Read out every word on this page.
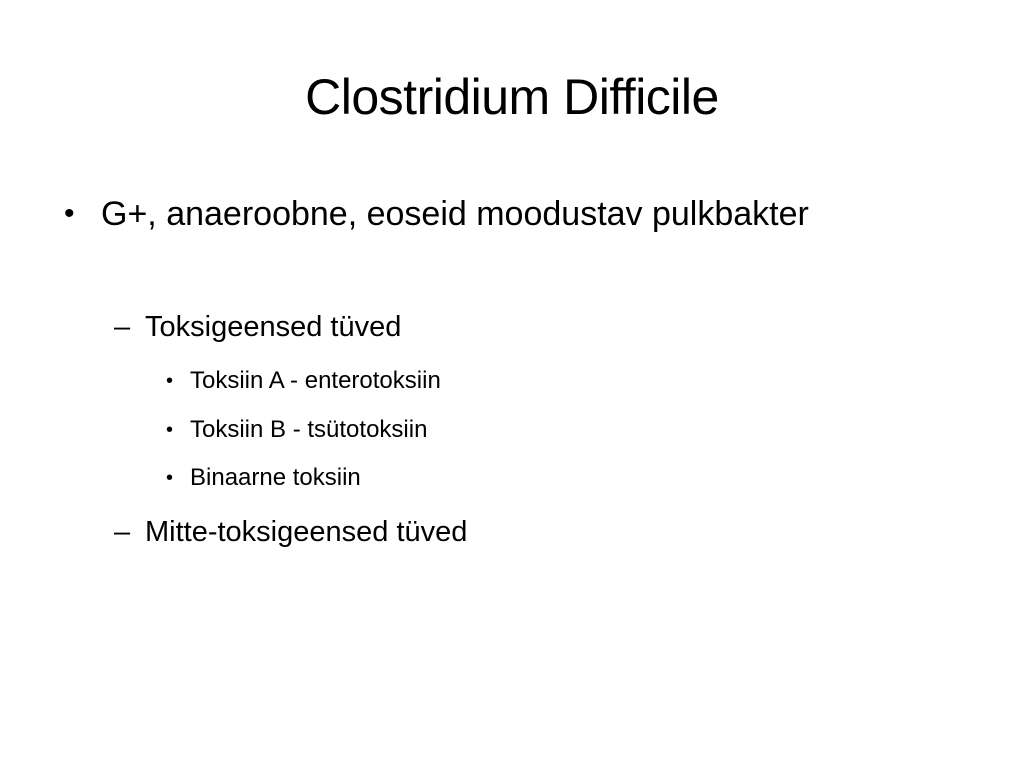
Clostridium Difficile
• G+, anaeroobne, eoseid moodustav pulkbakter
– Toksigeensed tüved
• Toksiin A - enterotoksiin
• Toksiin B - tsütotoksiin
• Binaarne toksiin
– Mitte-toksigeensed tüved
